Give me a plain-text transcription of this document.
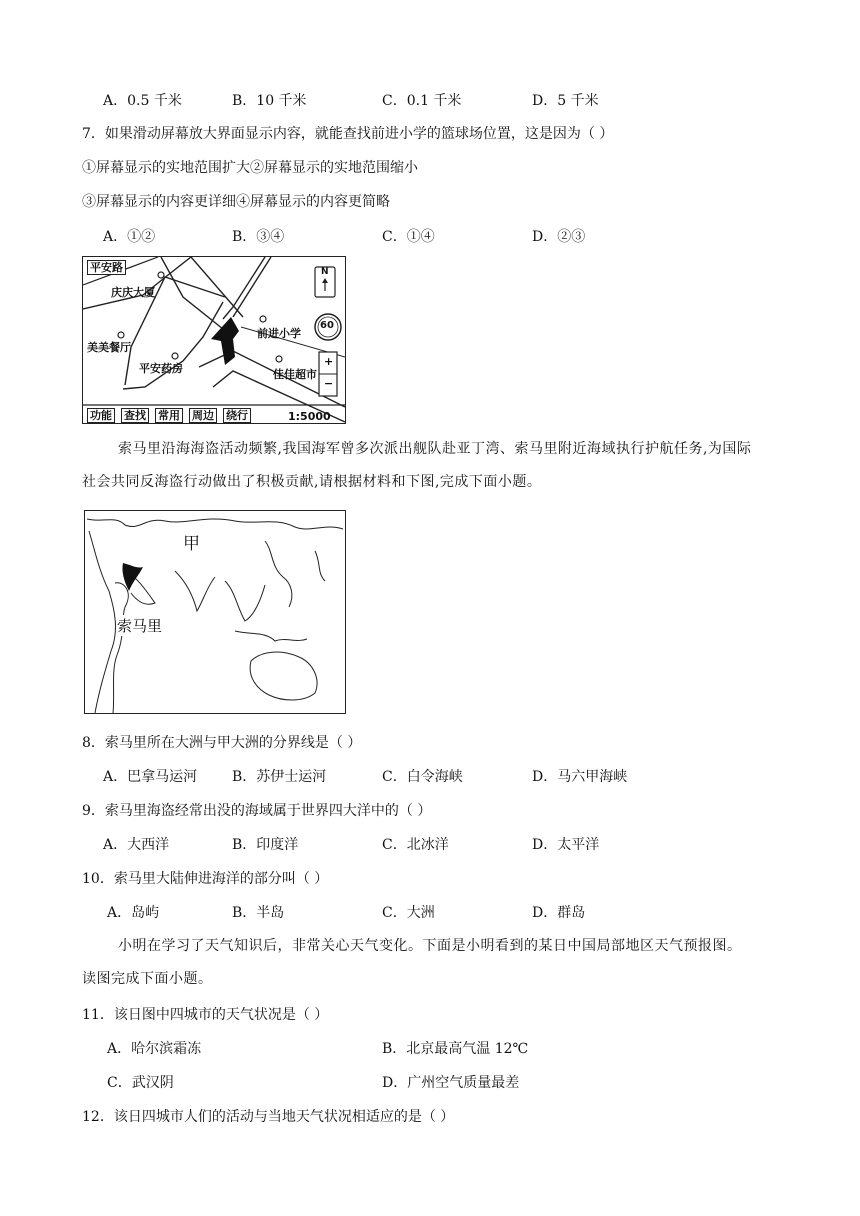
A．0.5 千米	B．10 千米	C．0.1 千米	D．5 千米
7．如果滑动屏幕放大界面显示内容，就能查找前进小学的篮球场位置，这是因为（ ）
①屏幕显示的实地范围扩大②屏幕显示的实地范围缩小
③屏幕显示的内容更详细④屏幕显示的内容更简略
A．①②	B．③④	C．①④	D．②③
平安路
庆庆大厦
美美餐厅
平安药房
前进小学
佳佳超市
N
60
+
−
功能 查找 常用 周边 绕行	1:5000
索马里沿海海盗活动频繁,我国海军曾多次派出舰队赴亚丁湾、索马里附近海域执行护航任务,为国际
社会共同反海盗行动做出了积极贡献,请根据材料和下图,完成下面小题。
甲
索马里
8．索马里所在大洲与甲大洲的分界线是（ ）
A．巴拿马运河 B．苏伊士运河	C．白令海峡	D．马六甲海峡
9．索马里海盗经常出没的海域属于世界四大洋中的（ ）
A．大西洋	B．印度洋	C．北冰洋	D．太平洋
10．索马里大陆伸进海洋的部分叫（ ）
A．岛屿	B．半岛	C．大洲	D．群岛
小明在学习了天气知识后，非常关心天气变化。下面是小明看到的某日中国局部地区天气预报图。
读图完成下面小题。
11．该日图中四城市的天气状况是（ ）
A．哈尔滨霜冻	B．北京最高气温 12℃
C．武汉阴	D．广州空气质量最差
12．该日四城市人们的活动与当地天气状况相适应的是（ ）
